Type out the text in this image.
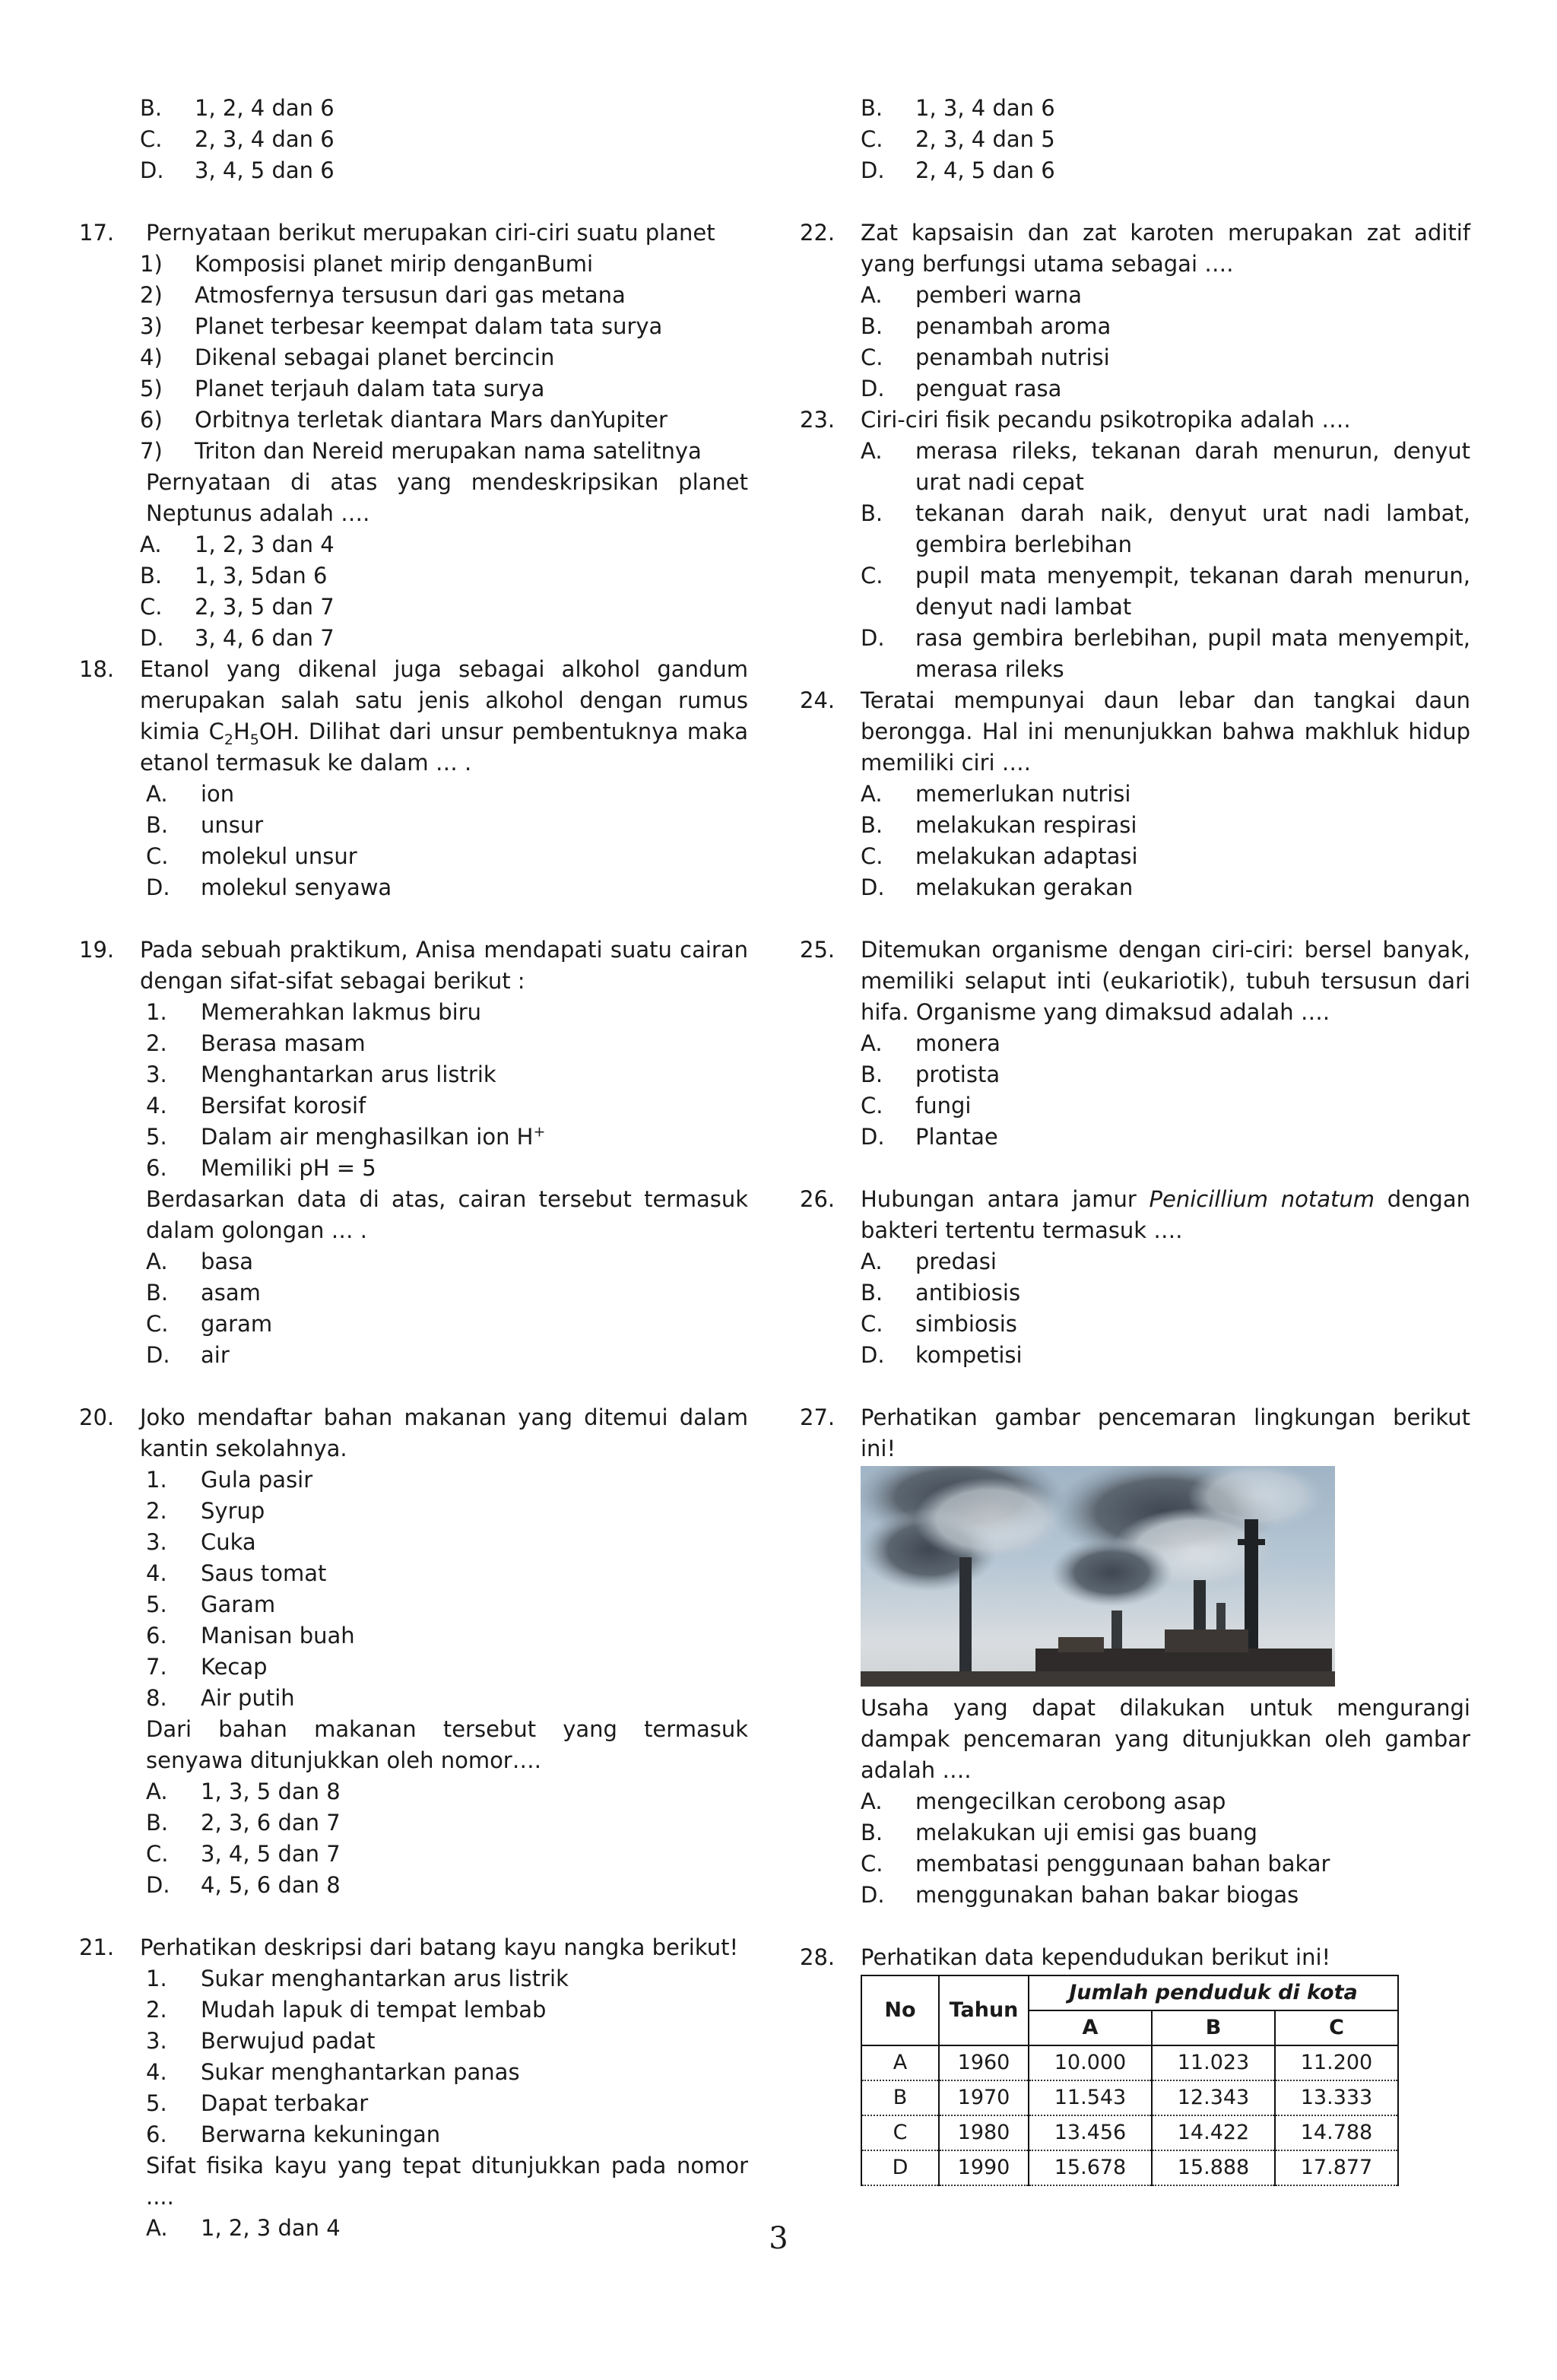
B. 1, 2, 4 dan 6
C. 2, 3, 4 dan 6
D. 3, 4, 5 dan 6
17. Pernyataan berikut merupakan ciri-ciri suatu planet
1) Komposisi planet mirip denganBumi
2) Atmosfernya tersusun dari gas metana
3) Planet terbesar keempat dalam tata surya
4) Dikenal sebagai planet bercincin
5) Planet terjauh dalam tata surya
6) Orbitnya terletak diantara Mars danYupiter
7) Triton dan Nereid merupakan nama satelitnya
Pernyataan di atas yang mendeskripsikan planet Neptunus adalah ….
A. 1, 2, 3 dan 4
B. 1, 3, 5dan 6
C. 2, 3, 5 dan 7
D. 3, 4, 6 dan 7
18. Etanol yang dikenal juga sebagai alkohol gandum merupakan salah satu jenis alkohol dengan rumus kimia $C_2H_5OH$. Dilihat dari unsur pembentuknya maka etanol termasuk ke dalam … .
A. ion
B. unsur
C. molekul unsur
D. molekul senyawa
19. Pada sebuah praktikum, Anisa mendapati suatu cairan dengan sifat-sifat sebagai berikut :
1. Memerahkan lakmus biru
2. Berasa masam
3. Menghantarkan arus listrik
4. Bersifat korosif
5. Dalam air menghasilkan ion H+
6. Memiliki pH = 5
Berdasarkan data di atas, cairan tersebut termasuk dalam golongan … .
A. basa
B. asam
C. garam
D. air
20. Joko mendaftar bahan makanan yang ditemui dalam kantin sekolahnya.
1. Gula pasir
2. Syrup
3. Cuka
4. Saus tomat
5. Garam
6. Manisan buah
7. Kecap
8. Air putih
Dari bahan makanan tersebut yang termasuk senyawa ditunjukkan oleh nomor….
A. 1, 3, 5 dan 8
B. 2, 3, 6 dan 7
C. 3, 4, 5 dan 7
D. 4, 5, 6 dan 8
21. Perhatikan deskripsi dari batang kayu nangka berikut!
1. Sukar menghantarkan arus listrik
2. Mudah lapuk di tempat lembab
3. Berwujud padat
4. Sukar menghantarkan panas
5. Dapat terbakar
6. Berwarna kekuningan
Sifat fisika kayu yang tepat ditunjukkan pada nomor ....
A. 1, 2, 3 dan 4
B. 1, 3, 4 dan 6
C. 2, 3, 4 dan 5
D. 2, 4, 5 dan 6
22. Zat kapsaisin dan zat karoten merupakan zat aditif yang berfungsi utama sebagai ….
A. pemberi warna
B. penambah aroma
C. penambah nutrisi
D. penguat rasa
23. Ciri-ciri fisik pecandu psikotropika adalah ….
A. merasa rileks, tekanan darah menurun, denyut urat nadi cepat
B. tekanan darah naik, denyut urat nadi lambat, gembira berlebihan
C. pupil mata menyempit, tekanan darah menurun, denyut nadi lambat
D. rasa gembira berlebihan, pupil mata menyempit, merasa rileks
24. Teratai mempunyai daun lebar dan tangkai daun berongga. Hal ini menunjukkan bahwa makhluk hidup memiliki ciri ….
A. memerlukan nutrisi
B. melakukan respirasi
C. melakukan adaptasi
D. melakukan gerakan
25. Ditemukan organisme dengan ciri-ciri: bersel banyak, memiliki selaput inti (eukariotik), tubuh tersusun dari hifa. Organisme yang dimaksud adalah ….
A. monera
B. protista
C. fungi
D. Plantae
26. Hubungan antara jamur Penicillium notatum dengan bakteri tertentu termasuk ….
A. predasi
B. antibiosis
C. simbiosis
D. kompetisi
27. Perhatikan gambar pencemaran lingkungan berikut ini!
Usaha yang dapat dilakukan untuk mengurangi dampak pencemaran yang ditunjukkan oleh gambar adalah ….
A. mengecilkan cerobong asap
B. melakukan uji emisi gas buang
C. membatasi penggunaan bahan bakar
D. menggunakan bahan bakar biogas
28. Perhatikan data kependudukan berikut ini!
No	Tahun	Jumlah penduduk di kota		
		A	B	C
A	1960	10.000	11.023	11.200
B	1970	11.543	12.343	13.333
C	1980	13.456	14.422	14.788
D	1990	15.678	15.888	17.877
3
